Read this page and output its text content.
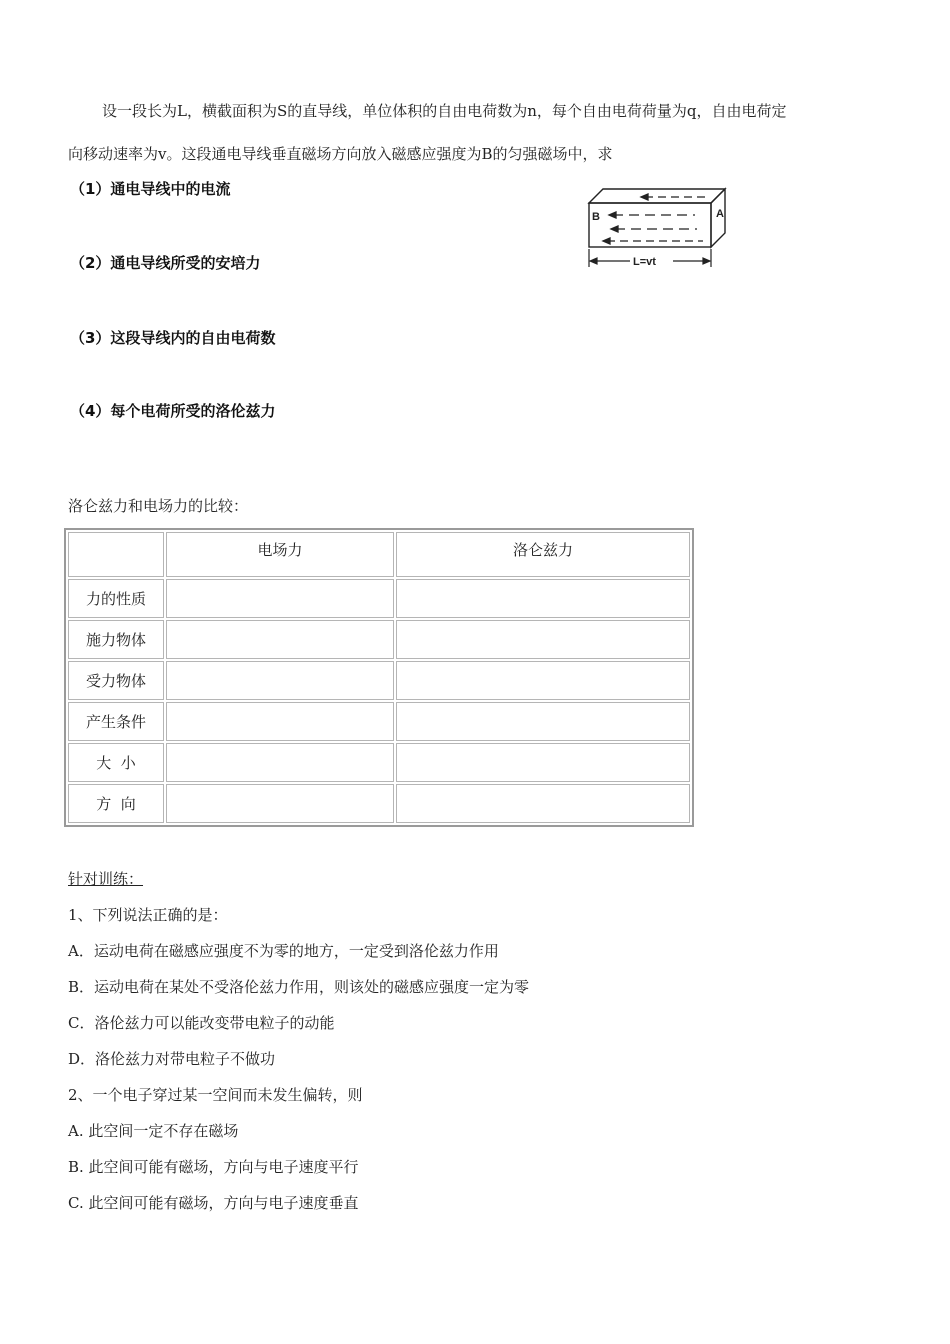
设一段长为L，横截面积为S的直导线，单位体积的自由电荷数为n，每个自由电荷荷量为q，自由电荷定
向移动速率为v。这段通电导线垂直磁场方向放入磁感应强度为B的匀强磁场中，求
（1）通电导线中的电流
（2）通电导线所受的安培力
（3）这段导线内的自由电荷数
（4）每个电荷所受的洛伦兹力
B	A
L=vt
洛仑兹力和电场力的比较：
	电场力	洛仑兹力
力的性质		
施力物体		
受力物体		
产生条件		
大  小		
方  向		
针对训练：
1、下列说法正确的是：
A．运动电荷在磁感应强度不为零的地方，一定受到洛伦兹力作用
B．运动电荷在某处不受洛伦兹力作用，则该处的磁感应强度一定为零
C．洛伦兹力可以能改变带电粒子的动能
D．洛伦兹力对带电粒子不做功
2、一个电子穿过某一空间而未发生偏转，则
A. 此空间一定不存在磁场
B. 此空间可能有磁场，方向与电子速度平行
C. 此空间可能有磁场，方向与电子速度垂直
